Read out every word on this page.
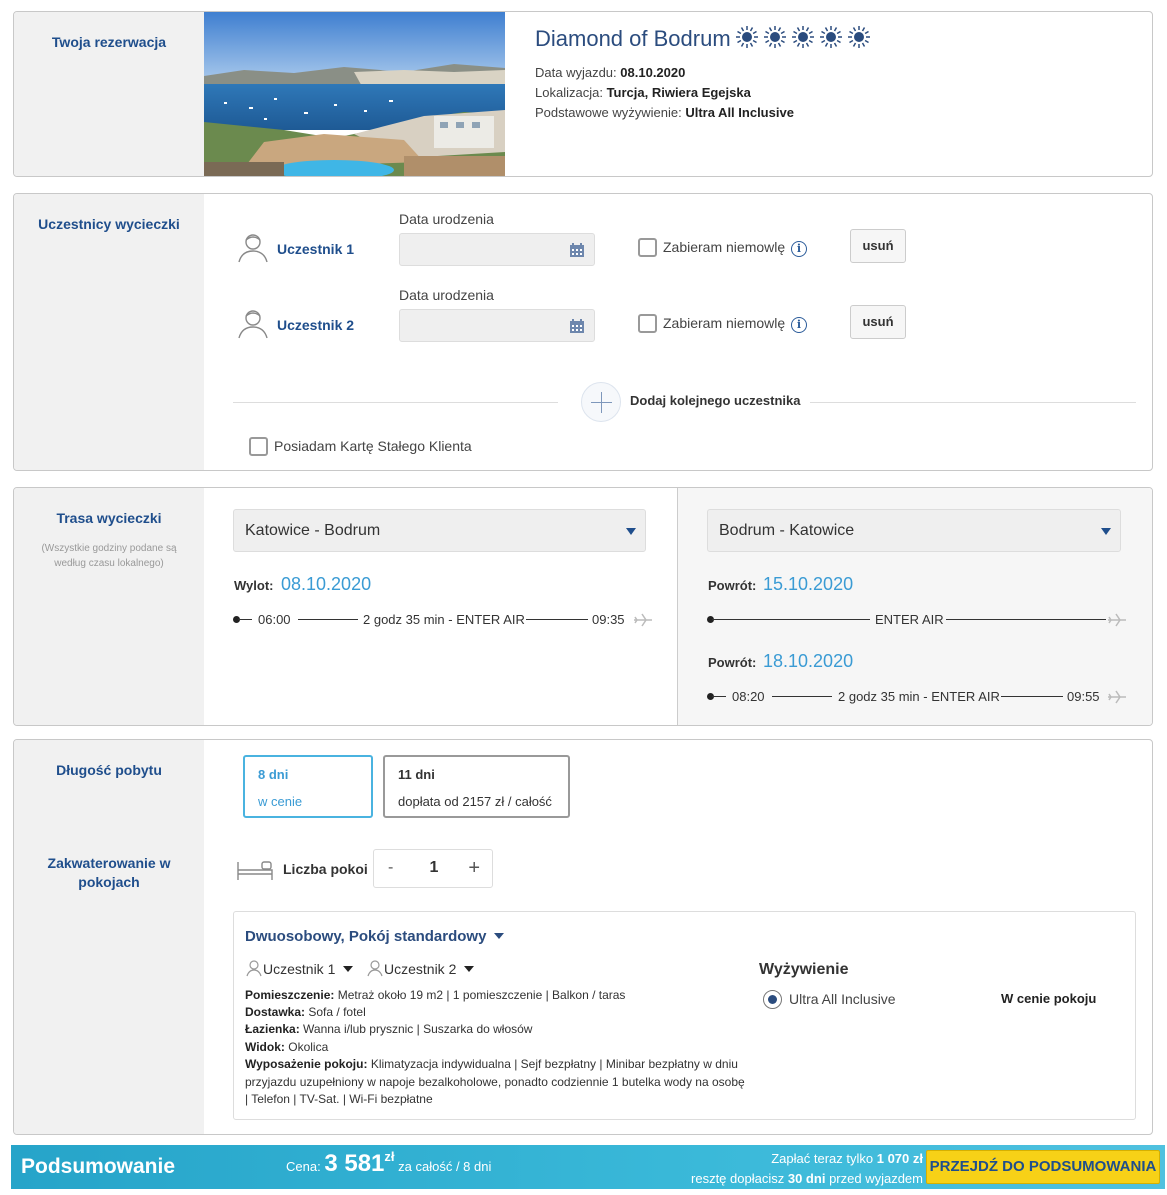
Twoja rezerwacja	Diamond of Bodrum
Data wyjazdu: 08.10.2020
Lokalizacja: Turcja, Riwiera Egejska
Podstawowe wyżywienie: Ultra All Inclusive
Uczestnicy wycieczki
Uczestnik 1
Data urodzenia
Zabieram niemowlę	i	usuń
Uczestnik 2
Data urodzenia
Zabieram niemowlę	i	usuń
Dodaj kolejnego uczestnika
Posiadam Kartę Stałego Klienta
Trasa wycieczki
(Wszystkie godziny podane są według czasu lokalnego)
Katowice - Bodrum
Wylot: 08.10.2020
06:00	2 godz 35 min - ENTER AIR	09:35
Bodrum - Katowice
Powrót: 15.10.2020
ENTER AIR
Powrót: 18.10.2020
08:20	2 godz 35 min - ENTER AIR	09:55
Długość pobytu
Zakwaterowanie w pokojach
8 dni
w cenie
11 dni
dopłata od 2157 zł / całość
Liczba pokoi	1
-	+
Dwuosobowy, Pokój standardowy
Uczestnik 1	Uczestnik 2
Pomieszczenie: Metraż około 19 m2 | 1 pomieszczenie | Balkon / taras
Dostawka: Sofa / fotel
Łazienka: Wanna i/lub prysznic | Suszarka do włosów
Widok: Okolica
Wyposażenie pokoju: Klimatyzacja indywidualna | Sejf bezpłatny | Minibar bezpłatny w dniu przyjazdu uzupełniony w napoje bezalkoholowe, ponadto codziennie 1 butelka wody na osobę | Telefon | TV-Sat. | Wi-Fi bezpłatne
Wyżywienie
Ultra All Inclusive	W cenie pokoju
Podsumowanie	Cena: 3 $581^{zł}$ za całość / 8 dni
Zapłać teraz tylko 1 070 zł
resztę dopłacisz 30 dni przed wyjazdem
PRZEJDŹ DO PODSUMOWANIA
